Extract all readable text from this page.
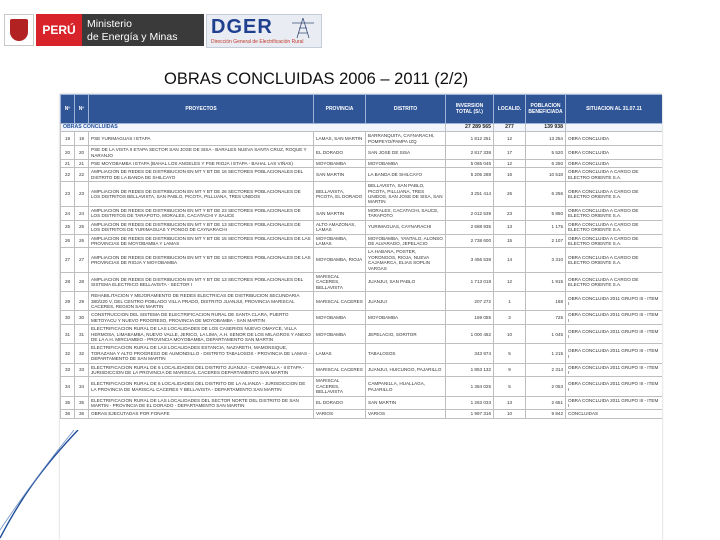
PERÚ	Ministerio
de Energía y Minas DGER
Dirección General de Electrificación Rural
OBRAS CONCLUIDAS 2006 – 2011 (2/2)
Nº	Nº	PROYECTOS	PROVINCIA	DISTRITO	INVERSION TOTAL (S/.)	LOCALID.	POBLACION BENEFICIADA	SITUACION AL 31.07.11
OBRAS CONCLUIDAS					27 289 565	277	139 938	
19	19	PSE YURIMAGUAS I ETAPA	LAMAS, SAN MARTIN	BARRANQUITA, CAYNARACHI, POMPEYO/PAMPA IZQ	1 812 251	12	13 254	OBRA CONCLUIDA
20	20	PSE DE LA VISTA II ETAPA SECTOR SAN JOSE DE SISA - BARALES NUEVA SANTA CRUZ, ROQUE Y NARANJO	EL DORADO	SAN JOSE DE SISA	2 817 338	17	5 520	OBRA CONCLUIDA
21	21	PSE MOYOBAMBA I ETAPA (BAHAL LOS ANGELES Y PSE RIOJA I ETAPA - BAHAL LAS VIÑAS)	MOYOBAMBA	MOYOBAMBA	5 065 045	12	6 250	OBRA CONCLUIDA
22	22	AMPLIACION DE REDES DE DISTRIBUCION EN MT Y BT DE 16 SECTORES POBLACIONALES DEL DISTRITO DE LA BANDA DE SHILCAYO	SAN MARTIN	LA BANDA DE SHILCAYO	5 205 288	16	10 518	OBRA CONCLUIDA A CARGO DE ELECTRO ORIENTE S.A.
23	23	AMPLIACION DE REDES DE DISTRIBUCION EN MT Y BT DE 26 SECTORES POBLACIONALES DE LOS DISTRITOS BELLAVISTA, SAN PABLO, PICOTA, PILLUANA, TRES UNIDOS	BELLAVISTA, PICOTA, EL DORADO	BELLAVISTA, SAN PABLO, PICOTA, PILLUANA, TRES UNIDOS, SAN JOSE DE SISA, SAN MARTIN	3 251 414	26	6 256	OBRA CONCLUIDA A CARGO DE ELECTRO ORIENTE S.A.
24	24	AMPLIACION DE REDES DE DISTRIBUCION EN MT Y BT DE 23 SECTORES POBLACIONALES DE LOS DISTRITOS DE TARAPOTO, MORALES, CACATACHI Y SAUCE	SAN MARTIN	MORALES, CACATACHI, SAUCE, TARAPOTO	2 012 539	23	5 850	OBRA CONCLUIDA A CARGO DE ELECTRO ORIENTE S.A.
25	25	AMPLIACION DE REDES DE DISTRIBUCION EN MT Y BT DE 13 SECTORES POBLACIONALES DE LOS DISTRITOS DE YURIMAGUAS Y PONGO DE CAYNARACHI	ALTO AMAZONAS, LAMAS	YURIMAGUAS, CAYNARACHI	2 688 935	13	1 175	OBRA CONCLUIDA A CARGO DE ELECTRO ORIENTE S.A.
26	26	AMPLIACION DE REDES DE DISTRIBUCION EN MT Y BT DE 15 SECTORES POBLACIONALES DE LAS PROVINCIAS DE MOYOBAMBA Y LAMAS	MOYOBAMBA, LAMAS	MOYOBAMBA, YANTALO, ALONSO DE ALVARADO, JEPELACIO	2 738 600	15	2 107	OBRA CONCLUIDA A CARGO DE ELECTRO ORIENTE S.A.
27	27	AMPLIACION DE REDES DE DISTRIBUCION EN MT Y BT DE 13 SECTORES POBLACIONALES DE LAS PROVINCIAS DE RIOJA Y MOYOBAMBA	MOYOBAMBA, RIOJA	LA HABANA, POSTER, YORONGOS, RIOJA, NUEVA CAJAMARCA, ELIAS SOPLIN VARGAS	3 456 538	14	3 310	OBRA CONCLUIDA A CARGO DE ELECTRO ORIENTE S.A.
28	28	AMPLIACION DE REDES DE DISTRIBUCION EN MT Y BT DE 13 SECTORES POBLACIONALES DEL SISTEMA ELECTRICO BELLAVISTA - SECTOR I	MARISCAL CACERES, BELLAVISTA	JUANJUI, SAN PABLO	1 713 018	12	1 915	OBRA CONCLUIDA A CARGO DE ELECTRO ORIENTE S.A.
29	29	REHABILITACION Y MEJORAMIENTO DE REDES ELECTRICAS DE DISTRIBUCION SECUNDARIA 380/220 V, DEL CENTRO POBLADO VILLA PRADO, DISTRITO JUANJUI, PROVINCIA MARISCAL CACERES, REGION SAN MARTIN	MARISCAL CACERES	JUANJUI	207 272	1	168	OBRA CONCLUIDA 2011 GRUPO III - ITEM I
30	30	CONSTRUCCION DEL SISTEMA DE ELECTRIFICACION RURAL DE SANTA CLARA, PUERTO METOYACU Y NUEVO PROGRESO, PROVINCIA DE MOYOBAMBA - SAN MARTIN	MOYOBAMBA	MOYOBAMBA	169 055	3	725	OBRA CONCLUIDA 2011 GRUPO III - ITEM I
31	31	ELECTRIFICACION RURAL DE LAS LOCALIDADES DE LOS CASERIOS NUEVO OMAYCE, VILLA HERMOSA, LIMABAMBA, NUEVO VALLE, JERICO, LA LIMA, A.H. SENOR DE LOS MILAGROS Y ANEXO DE LA A.H. MIRCIAMBIO - PROVINCIA MOYOBAMBA, DEPARTAMENTO SAN MARTIN	MOYOBAMBA	JEPELACIO, SORITOR	1 000 462	10	1 045	OBRA CONCLUIDA 2011 GRUPO III - ITEM I
32	32	ELECTRIFICACION RURAL DE LAS LOCALIDADES ESTANCIA, NAZARETH, MAMONSIQUE, TORAZANA Y ALTO PROGRESO DE AUMONDILLO - DISTRITO TABALOSOS - PROVINCIA DE LAMAS - DEPARTAMENTO DE SAN MARTIN	LAMAS	TABALOSOS	343 974	5	1 215	OBRA CONCLUIDA 2011 GRUPO III - ITEM I
33	33	ELECTRIFICACION RURAL DE 6 LOCALIDADES DEL DISTRITO JUANJUI - CAMPANILLA - II ETAPA - JURISDICCION DE LA PROVINCIA DE MARISCAL CACERES DEPARTAMENTO SAN MARTIN	MARISCAL CACERES	JUANJUI, HUICUNGO, PAJARILLO	1 853 132	9	2 314	OBRA CONCLUIDA 2011 GRUPO III - ITEM I
34	34	ELECTRIFICACION RURAL DE 6 LOCALIDADES DEL DISTRITO DE LA ALIANZA - JURISDICCION DE LA PROVINCIA DE MARISCAL CACERES Y BELLAVISTA - DEPARTAMENTO SAN MARTIN	MARISCAL CACERES, BELLAVISTA	CAMPANILLA, HUALLAGA, PAJARILLO	1 384 025	5	2 053	OBRA CONCLUIDA 2011 GRUPO III - ITEM I
35	35	ELECTRIFICACION RURAL DE LAS LOCALIDADES DEL SECTOR NORTE DEL DISTRITO DE SAN MARTIN - PROVINCIA DE EL DORADO - DEPARTAMENTO SAN MARTIN	EL DORADO	SAN MARTIN	1 263 033	13	2 651	OBRA CONCLUIDA 2011 GRUPO III - ITEM I
36	36	OBRAS EJECUTADAS POR FONAFE	VARIOS	VARIOS	1 997 316	10	9 842	CONCLUIDAS
